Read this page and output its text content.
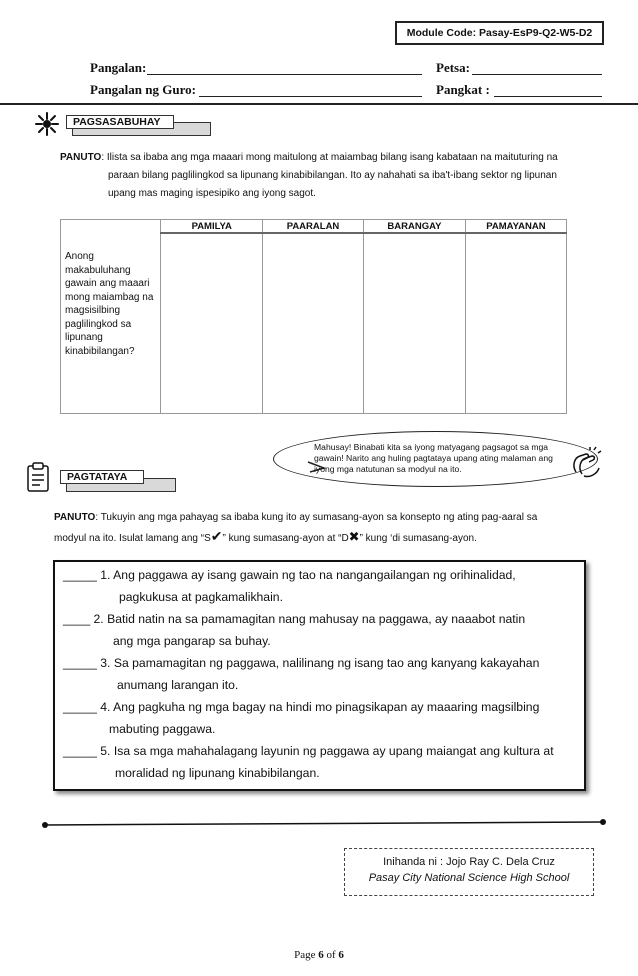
Module Code: Pasay-EsP9-Q2-W5-D2
Pangalan:	Petsa:
Pangalan ng Guro:	Pangkat :
PAGSASABUHAY
PANUTO: Ilista sa ibaba ang mga maaari mong maitulong at maiambag bilang isang kabataan na maituturing na
paraan bilang paglilingkod sa lipunang kinabibilangan. Ito ay nahahati sa iba't-ibang sektor ng lipunan
upang mas maging ispesipiko ang iyong sagot.
Anong makabuluhang gawain ang maaari mong maiambag na magsisilbing paglilingkod sa lipunang kinabibilangan?	PAMILYA	PAARALAN	BARANGAY	PAMAYANAN

Mahusay! Binabati kita sa iyong matyagang pagsagot sa mga gawain! Narito ang huling pagtataya upang ating malaman ang iyong mga natutunan sa modyul na ito.
PAGTATAYA
PANUTO: Tukuyin ang mga pahayag sa ibaba kung ito ay sumasang-ayon sa konsepto ng ating pag-aaral sa
modyul na ito. Isulat lamang ang “S✔” kung sumasang-ayon at “D✖” kung ‘di sumasang-ayon.
_____ 1. Ang paggawa ay isang gawain ng tao na nangangailangan ng orihinalidad,
pagkukusa at pagkamalikhain.
____ 2. Batid natin na sa pamamagitan nang mahusay na paggawa, ay naaabot natin
ang mga pangarap sa buhay.
_____ 3. Sa pamamagitan ng paggawa, nalilinang ng isang tao ang kanyang kakayahan
anumang larangan ito.
_____ 4. Ang pagkuha ng mga bagay na hindi mo pinagsikapan ay maaaring magsilbing
mabuting paggawa.
_____ 5. Isa sa mga mahahalagang layunin ng paggawa ay upang maiangat ang kultura at
moralidad ng lipunang kinabibilangan.
Inihanda ni : Jojo Ray C. Dela Cruz
Pasay City National Science High School
Page 6 of 6
